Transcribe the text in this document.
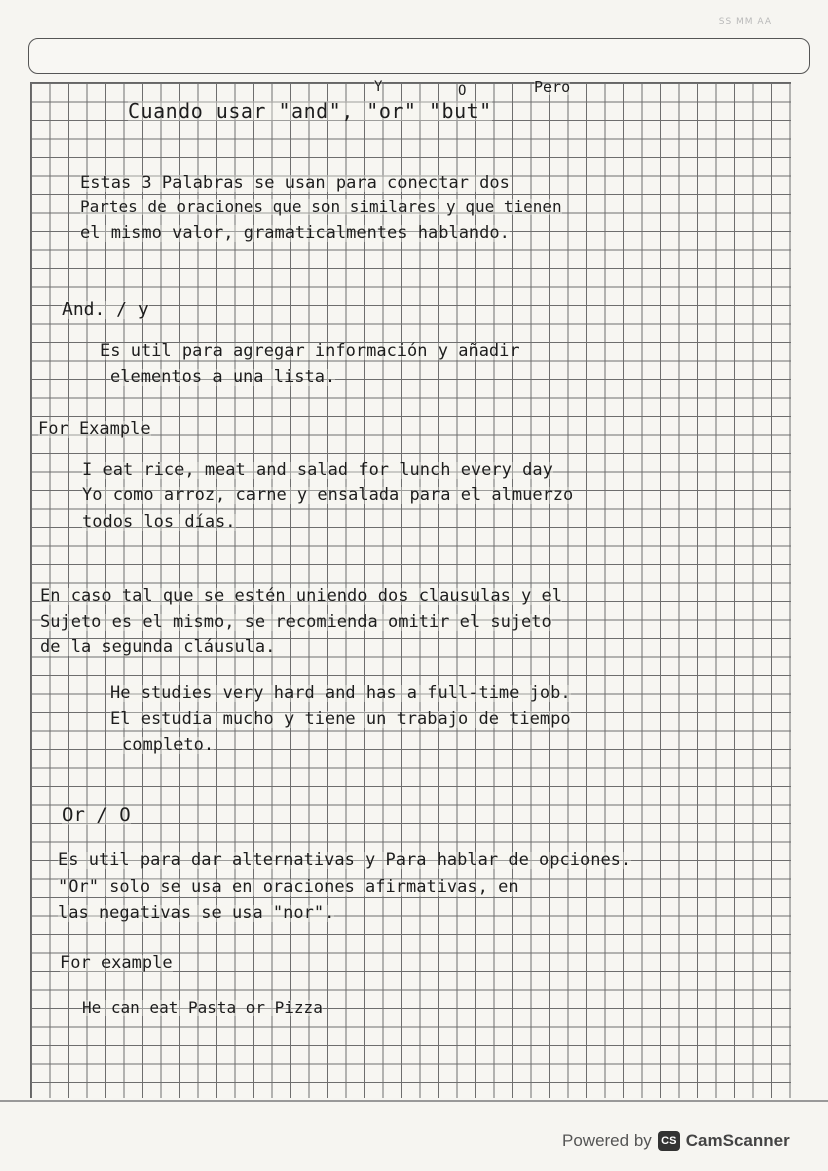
SS MM AA
Y	O	Pero
Cuando usar "and", "or" "but"
Estas 3 Palabras se usan para conectar dos
Partes de oraciones que son similares y que tienen
el mismo valor, gramaticalmentes hablando.
And. / y
Es util para agregar información y añadir
elementos a una lista.
For Example
I eat rice, meat and salad for lunch every day
Yo como arroz, carne y ensalada para el almuerzo
todos los días.
En caso tal que se estén uniendo dos clausulas y el
Sujeto es el mismo, se recomienda omitir el sujeto
de la segunda cláusula.
He studies very hard and has a full-time job.
El estudia mucho y tiene un trabajo de tiempo
completo.
Or / O
Es util para dar alternativas y Para hablar de opciones.
"Or" solo se usa en oraciones afirmativas, en
las negativas se usa "nor".
For example
He can eat Pasta or Pizza
Powered by CS CamScanner
